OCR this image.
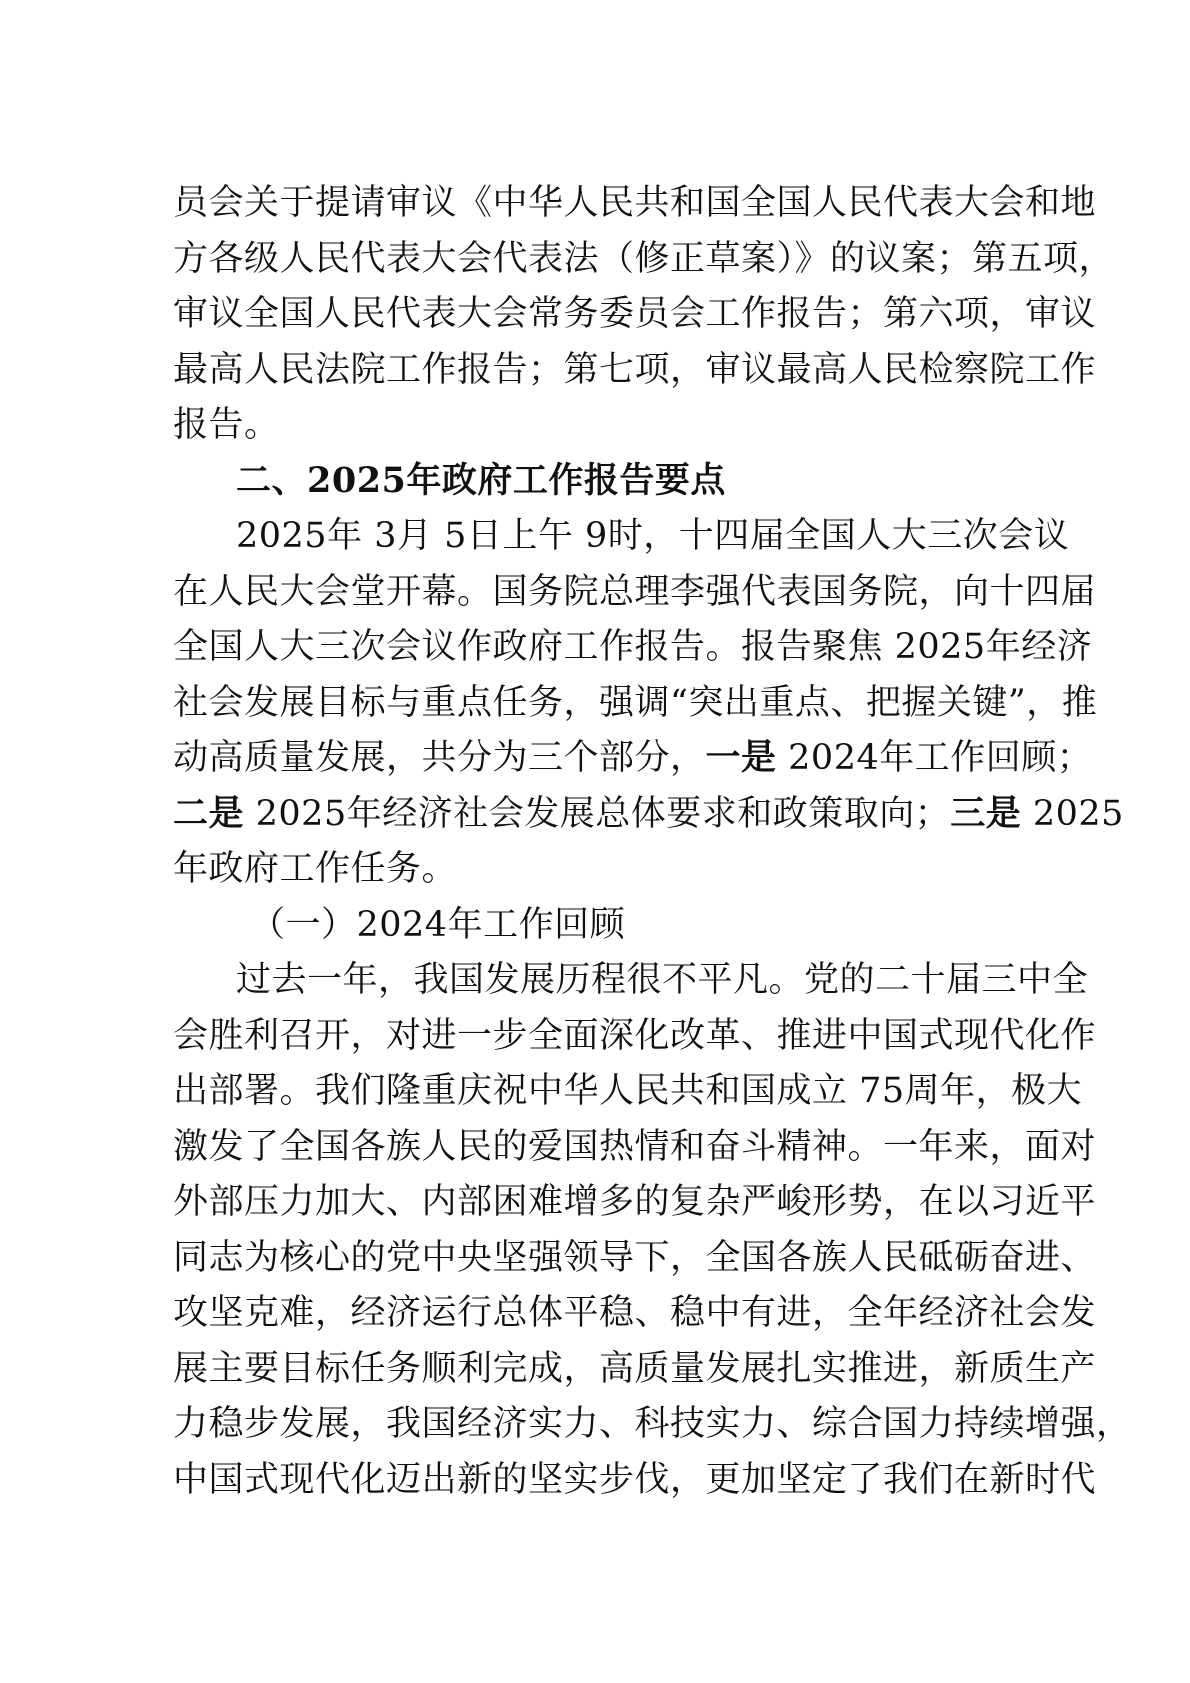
员会关于提请审议《中华人民共和国全国人民代表大会和地
方各级人民代表大会代表法（修正草案）》的议案；第五项，
审议全国人民代表大会常务委员会工作报告；第六项，审议
最高人民法院工作报告；第七项，审议最高人民检察院工作
报告。
二、2025年政府工作报告要点
2025年 3月 5日上午 9时，十四届全国人大三次会议
在人民大会堂开幕。国务院总理李强代表国务院，向十四届
全国人大三次会议作政府工作报告。报告聚焦 2025年经济
社会发展目标与重点任务，强调“突出重点、把握关键”，推
动高质量发展，共分为三个部分，一是 2024年工作回顾；
二是 2025年经济社会发展总体要求和政策取向；三是 2025
年政府工作任务。
（一）2024年工作回顾
过去一年，我国发展历程很不平凡。党的二十届三中全
会胜利召开，对进一步全面深化改革、推进中国式现代化作
出部署。我们隆重庆祝中华人民共和国成立 75周年，极大
激发了全国各族人民的爱国热情和奋斗精神。一年来，面对
外部压力加大、内部困难增多的复杂严峻形势，在以习近平
同志为核心的党中央坚强领导下，全国各族人民砥砺奋进、
攻坚克难，经济运行总体平稳、稳中有进，全年经济社会发
展主要目标任务顺利完成，高质量发展扎实推进，新质生产
力稳步发展，我国经济实力、科技实力、综合国力持续增强，
中国式现代化迈出新的坚实步伐，更加坚定了我们在新时代
